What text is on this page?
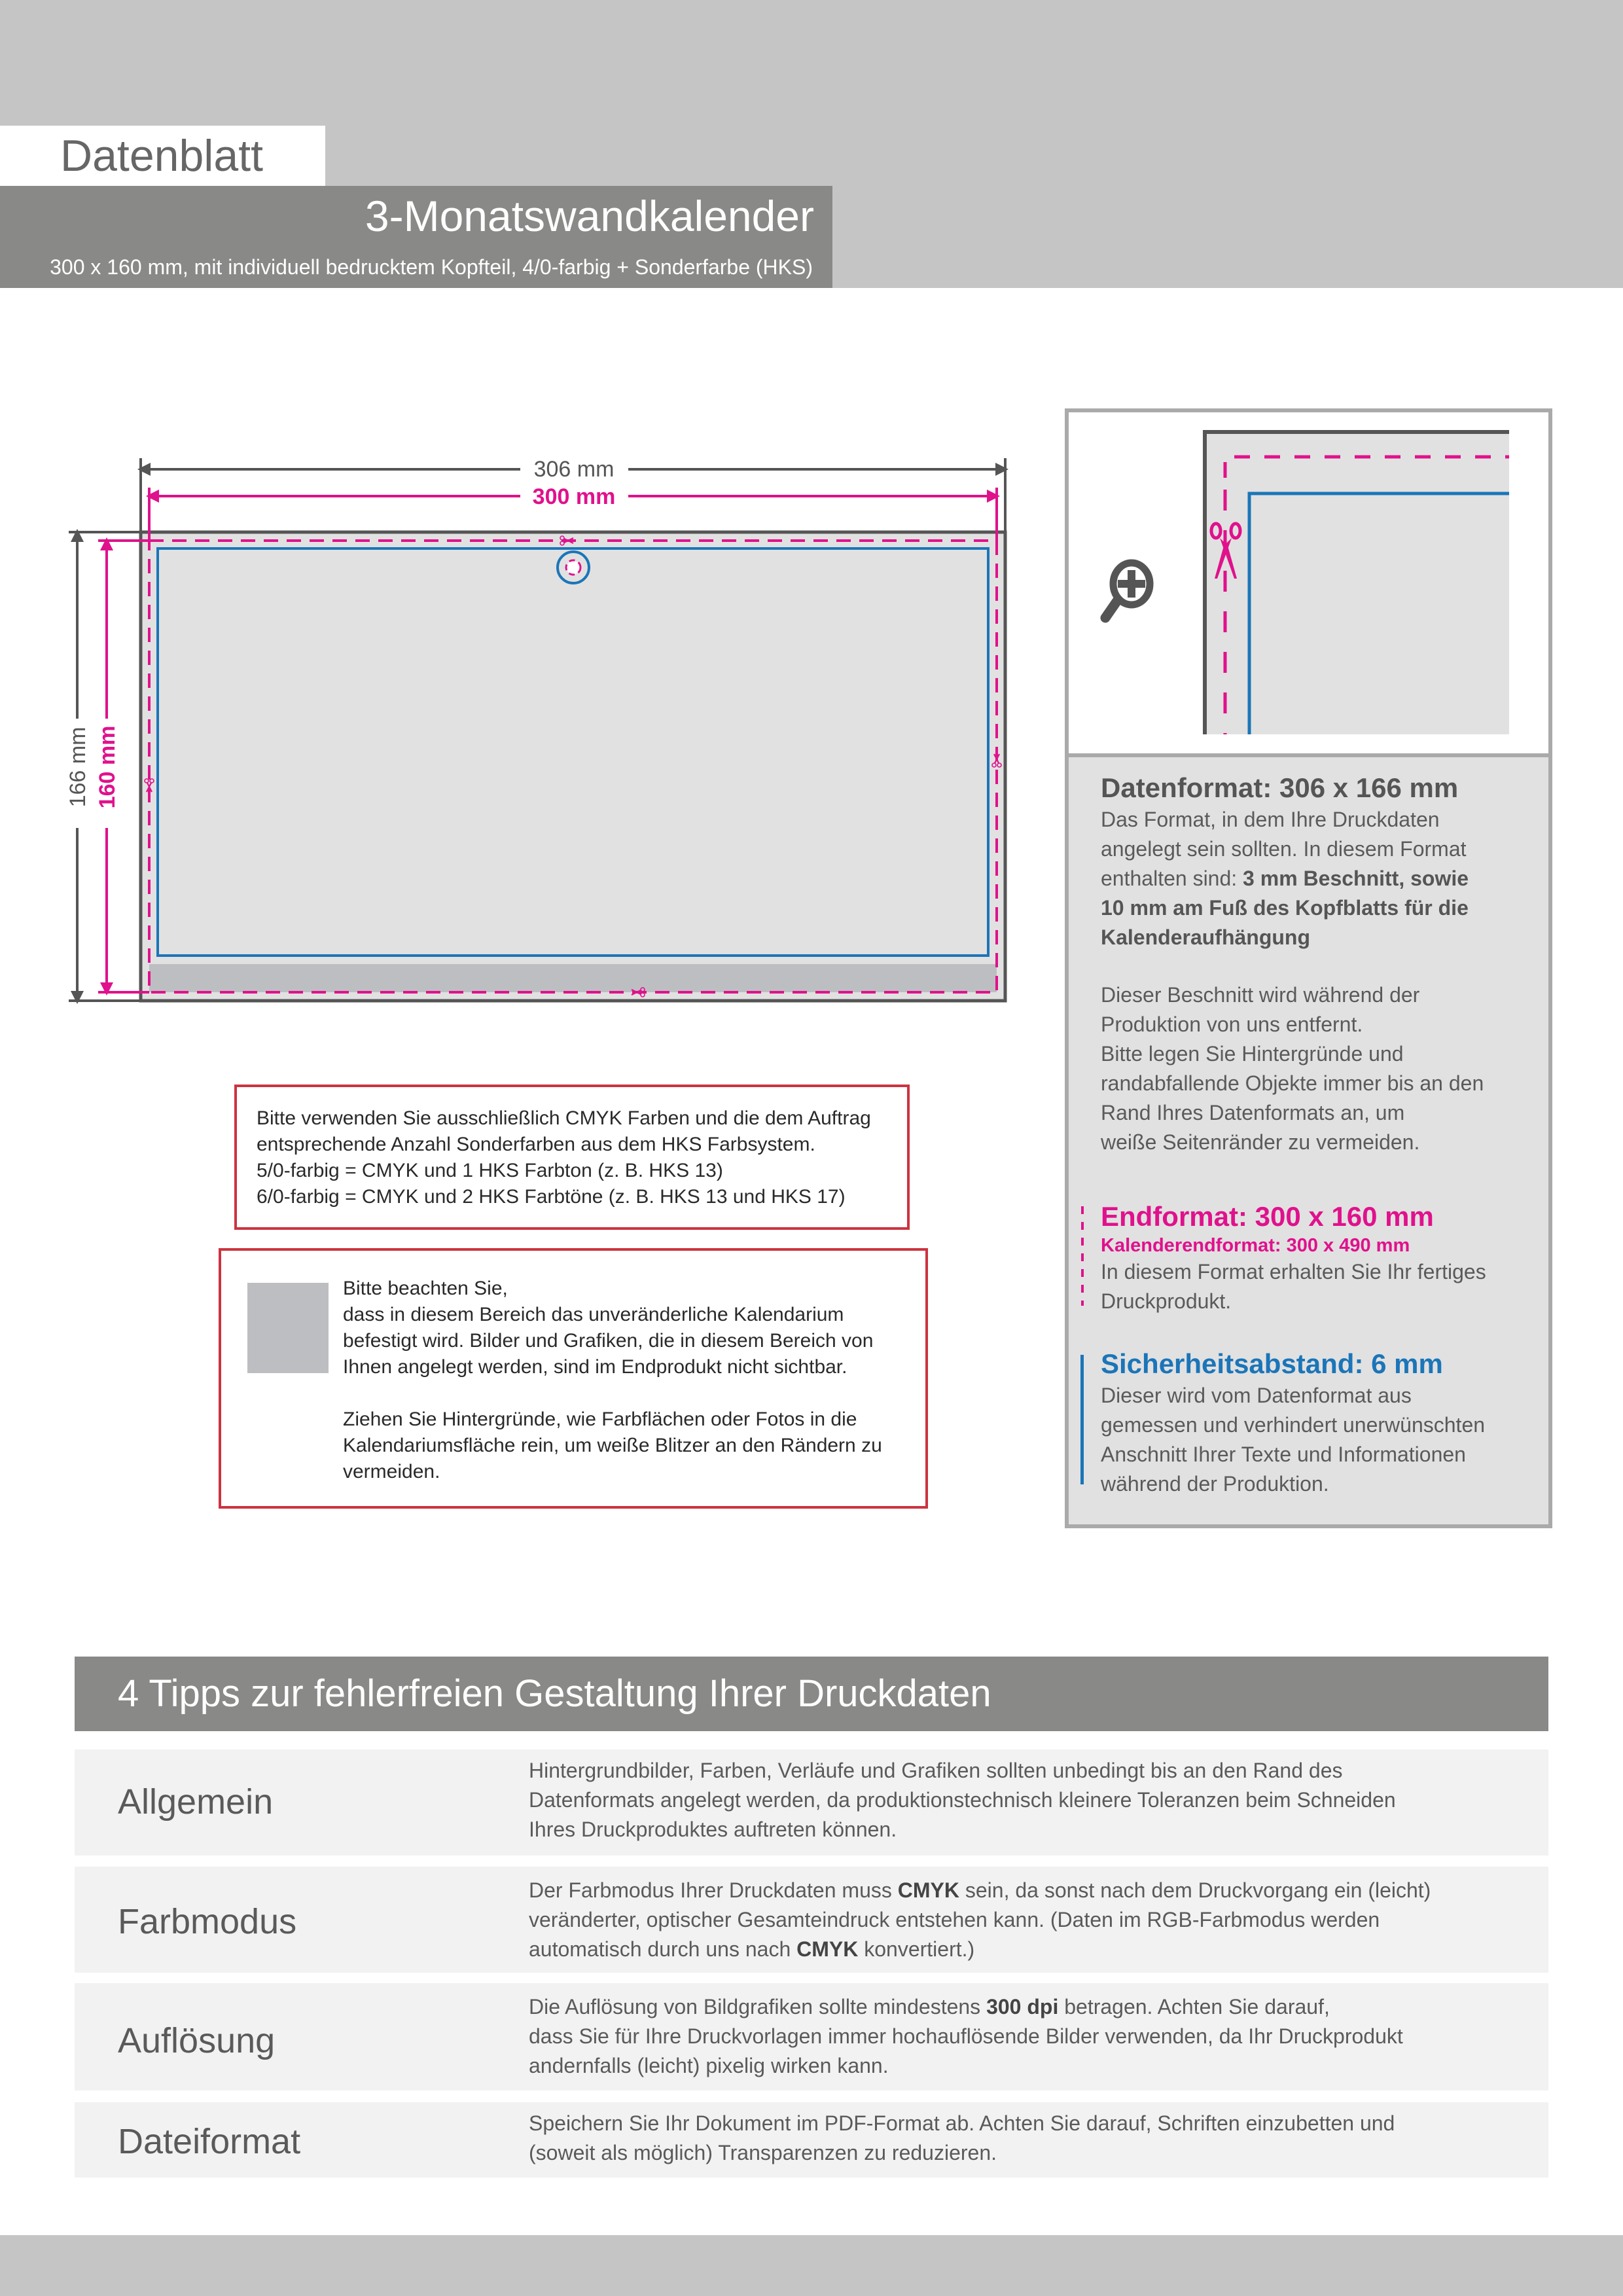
Datenblatt
3-Monatswandkalender
300 x 160 mm, mit individuell bedrucktem Kopfteil, 4/0-farbig + Sonderfarbe (HKS)
306 mm
300 mm
166 mm 160 mm

Bitte verwenden Sie ausschließlich CMYK Farben und die dem Auftrag

entsprechende Anzahl Sonderfarben aus dem HKS Farbsystem.

5/0-farbig = CMYK und 1 HKS Farbton (z. B. HKS 13)

6/0-farbig = CMYK und 2 HKS Farbtöne (z. B. HKS 13 und HKS 17)

Bitte beachten Sie,

dass in diesem Bereich das unveränderliche Kalendarium

befestigt wird. Bilder und Grafiken, die in diesem Bereich von

Ihnen angelegt werden, sind im Endprodukt nicht sichtbar.

Ziehen Sie Hintergründe, wie Farbflächen oder Fotos in die

Kalendariumsfläche rein, um weiße Blitzer an den Rändern zu

vermeiden.

Datenformat: 306 x 166 mm
Das Format, in dem Ihre Druckdaten
angelegt sein sollten. In diesem Format
enthalten sind: 3 mm Beschnitt, sowie
10 mm am Fuß des Kopfblatts für die
Kalenderaufhängung
Dieser Beschnitt wird während der
Produktion von uns entfernt.
Bitte legen Sie Hintergründe und
randabfallende Objekte immer bis an den
Rand Ihres Datenformats an, um
weiße Seitenränder zu vermeiden.
Endformat: 300 x 160 mm
Kalenderendformat: 300 x 490 mm
In diesem Format erhalten Sie Ihr fertiges
Druckprodukt.
Sicherheitsabstand: 6 mm
Dieser wird vom Datenformat aus
gemessen und verhindert unerwünschten
Anschnitt Ihrer Texte und Informationen
während der Produktion.
4 Tipps zur fehlerfreien Gestaltung Ihrer Druckdaten
Allgemein
Hintergrundbilder, Farben, Verläufe und Grafiken sollten unbedingt bis an den Rand des
Datenformats angelegt werden, da produktionstechnisch kleinere Toleranzen beim Schneiden
Ihres Druckproduktes auftreten können.
Farbmodus
Der Farbmodus Ihrer Druckdaten muss CMYK sein, da sonst nach dem Druckvorgang ein (leicht)
veränderter, optischer Gesamteindruck entstehen kann. (Daten im RGB-Farbmodus werden
automatisch durch uns nach CMYK konvertiert.)
Auflösung
Die Auflösung von Bildgrafiken sollte mindestens 300 dpi betragen. Achten Sie darauf,
dass Sie für Ihre Druckvorlagen immer hochauflösende Bilder verwenden, da Ihr Druckprodukt
andernfalls (leicht) pixelig wirken kann.
Dateiformat	Speichern Sie Ihr Dokument im PDF-Format ab. Achten Sie darauf, Schriften einzubetten und
(soweit als möglich) Transparenzen zu reduzieren.
